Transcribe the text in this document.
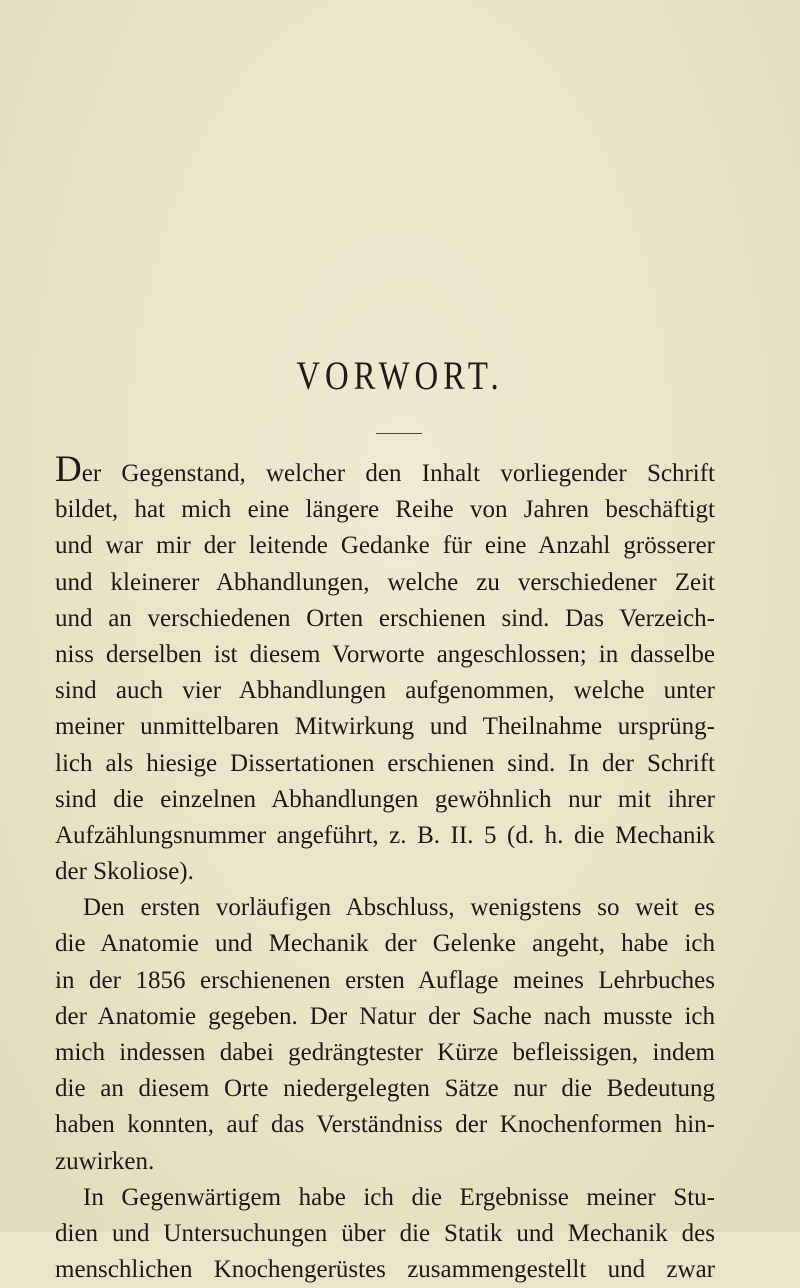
VORWORT.
Der Gegenstand, welcher den Inhalt vorliegender Schrift
bildet, hat mich eine längere Reihe von Jahren beschäftigt
und war mir der leitende Gedanke für eine Anzahl grösserer
und kleinerer Abhandlungen, welche zu verschiedener Zeit
und an verschiedenen Orten erschienen sind. Das Verzeich-
niss derselben ist diesem Vorworte angeschlossen; in dasselbe
sind auch vier Abhandlungen aufgenommen, welche unter
meiner unmittelbaren Mitwirkung und Theilnahme ursprüng-
lich als hiesige Dissertationen erschienen sind. In der Schrift
sind die einzelnen Abhandlungen gewöhnlich nur mit ihrer
Aufzählungsnummer angeführt, z. B. II. 5 (d. h. die Mechanik
der Skoliose).
Den ersten vorläufigen Abschluss, wenigstens so weit es
die Anatomie und Mechanik der Gelenke angeht, habe ich
in der 1856 erschienenen ersten Auflage meines Lehrbuches
der Anatomie gegeben. Der Natur der Sache nach musste ich
mich indessen dabei gedrängtester Kürze befleissigen, indem
die an diesem Orte niedergelegten Sätze nur die Bedeutung
haben konnten, auf das Verständniss der Knochenformen hin-
zuwirken.
In Gegenwärtigem habe ich die Ergebnisse meiner Stu-
dien und Untersuchungen über die Statik und Mechanik des
menschlichen Knochengerüstes zusammengestellt und zwar
